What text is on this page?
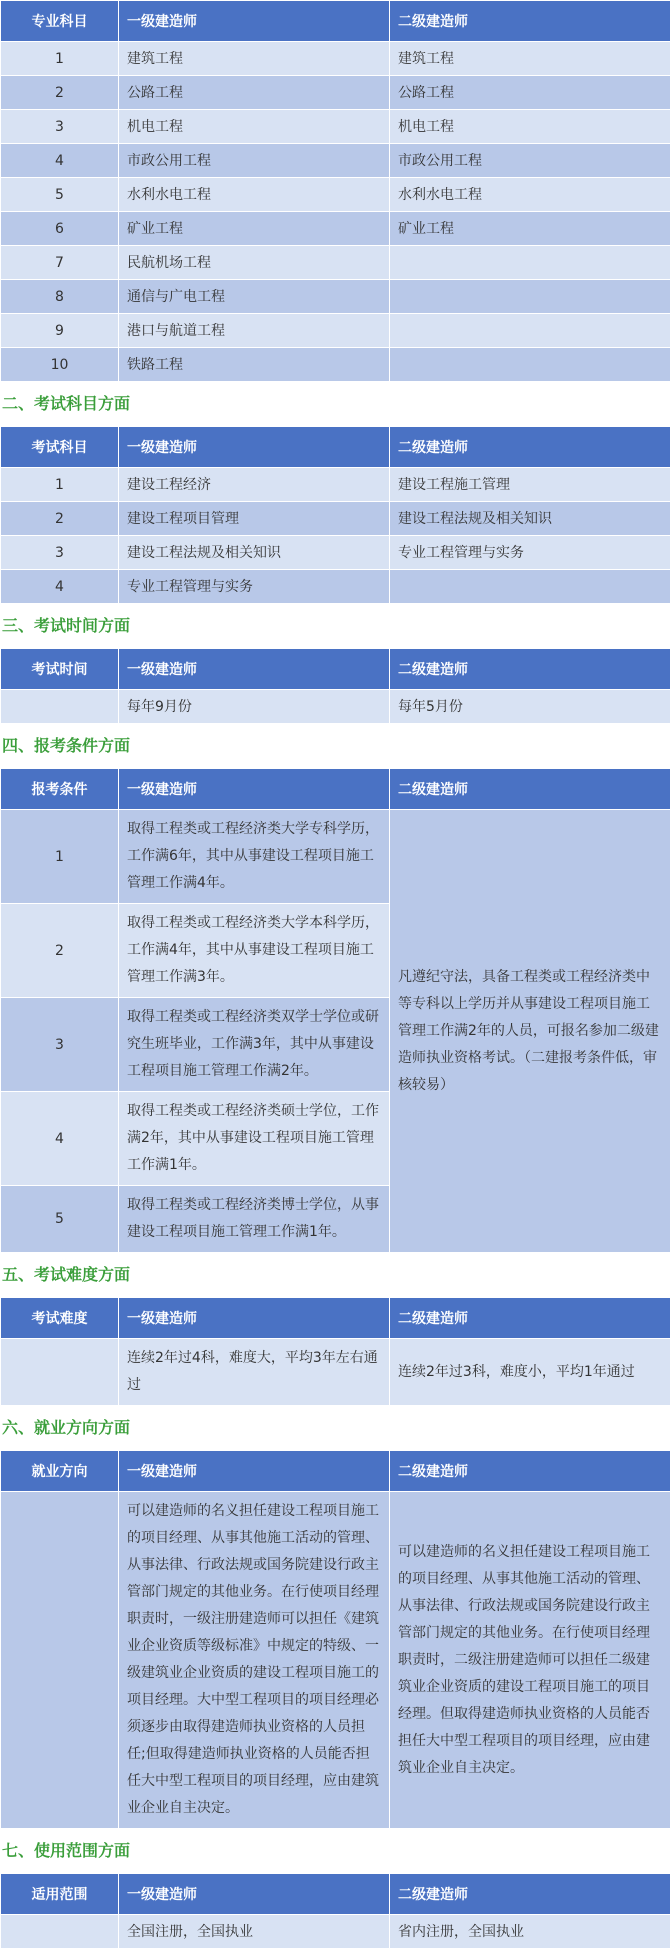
专业科目	一级建造师	二级建造师
1	建筑工程	建筑工程
2	公路工程	公路工程
3	机电工程	机电工程
4	市政公用工程	市政公用工程
5	水利水电工程	水利水电工程
6	矿业工程	矿业工程
7	民航机场工程	
8	通信与广电工程	
9	港口与航道工程	
10	铁路工程	
二、考试科目方面
考试科目	一级建造师	二级建造师
1	建设工程经济	建设工程施工管理
2	建设工程项目管理	建设工程法规及相关知识
3	建设工程法规及相关知识	专业工程管理与实务
4	专业工程管理与实务	
三、考试时间方面
考试时间	一级建造师	二级建造师
	每年9月份	每年5月份
四、报考条件方面
报考条件	一级建造师	二级建造师
1	取得工程类或工程经济类大学专科学历，工作满6年，其中从事建设工程项目施工管理工作满4年。	凡遵纪守法，具备工程类或工程经济类中等专科以上学历并从事建设工程项目施工管理工作满2年的人员，可报名参加二级建造师执业资格考试。（二建报考条件低，审核较易）
2	取得工程类或工程经济类大学本科学历，工作满4年，其中从事建设工程项目施工管理工作满3年。	
3	取得工程类或工程经济类双学士学位或研究生班毕业，工作满3年，其中从事建设工程项目施工管理工作满2年。	
4	取得工程类或工程经济类硕士学位，工作满2年，其中从事建设工程项目施工管理工作满1年。	
5	取得工程类或工程经济类博士学位，从事建设工程项目施工管理工作满1年。	
五、考试难度方面
考试难度	一级建造师	二级建造师
	连续2年过4科，难度大，平均3年左右通过	连续2年过3科，难度小，平均1年通过
六、就业方向方面
就业方向	一级建造师	二级建造师
	可以建造师的名义担任建设工程项目施工的项目经理、从事其他施工活动的管理、从事法律、行政法规或国务院建设行政主管部门规定的其他业务。在行使项目经理 职责时，一级注册建造师可以担任《建筑业企业资质等级标准》中规定的特级、一级建筑业企业资质的建设工程项目施工的项目经理。大中型工程项目的项目经理必 须逐步由取得建造师执业资格的人员担任;但取得建造师执业资格的人员能否担任大中型工程项目的项目经理，应由建筑业企业自主决定。	可以建造师的名义担任建设工程项目施工的项目经理、从事其他施工活动的管理、从事法律、行政法规或国务院建设行政主管部门规定的其他业务。在行使项目经理 职责时，二级注册建造师可以担任二级建筑业企业资质的建设工程项目施工的项目经理。但取得建造师执业资格的人员能否担任大中型工程项目的项目经理，应由建 筑业企业自主决定。
七、使用范围方面
适用范围	一级建造师	二级建造师
	全国注册，全国执业	省内注册，全国执业
